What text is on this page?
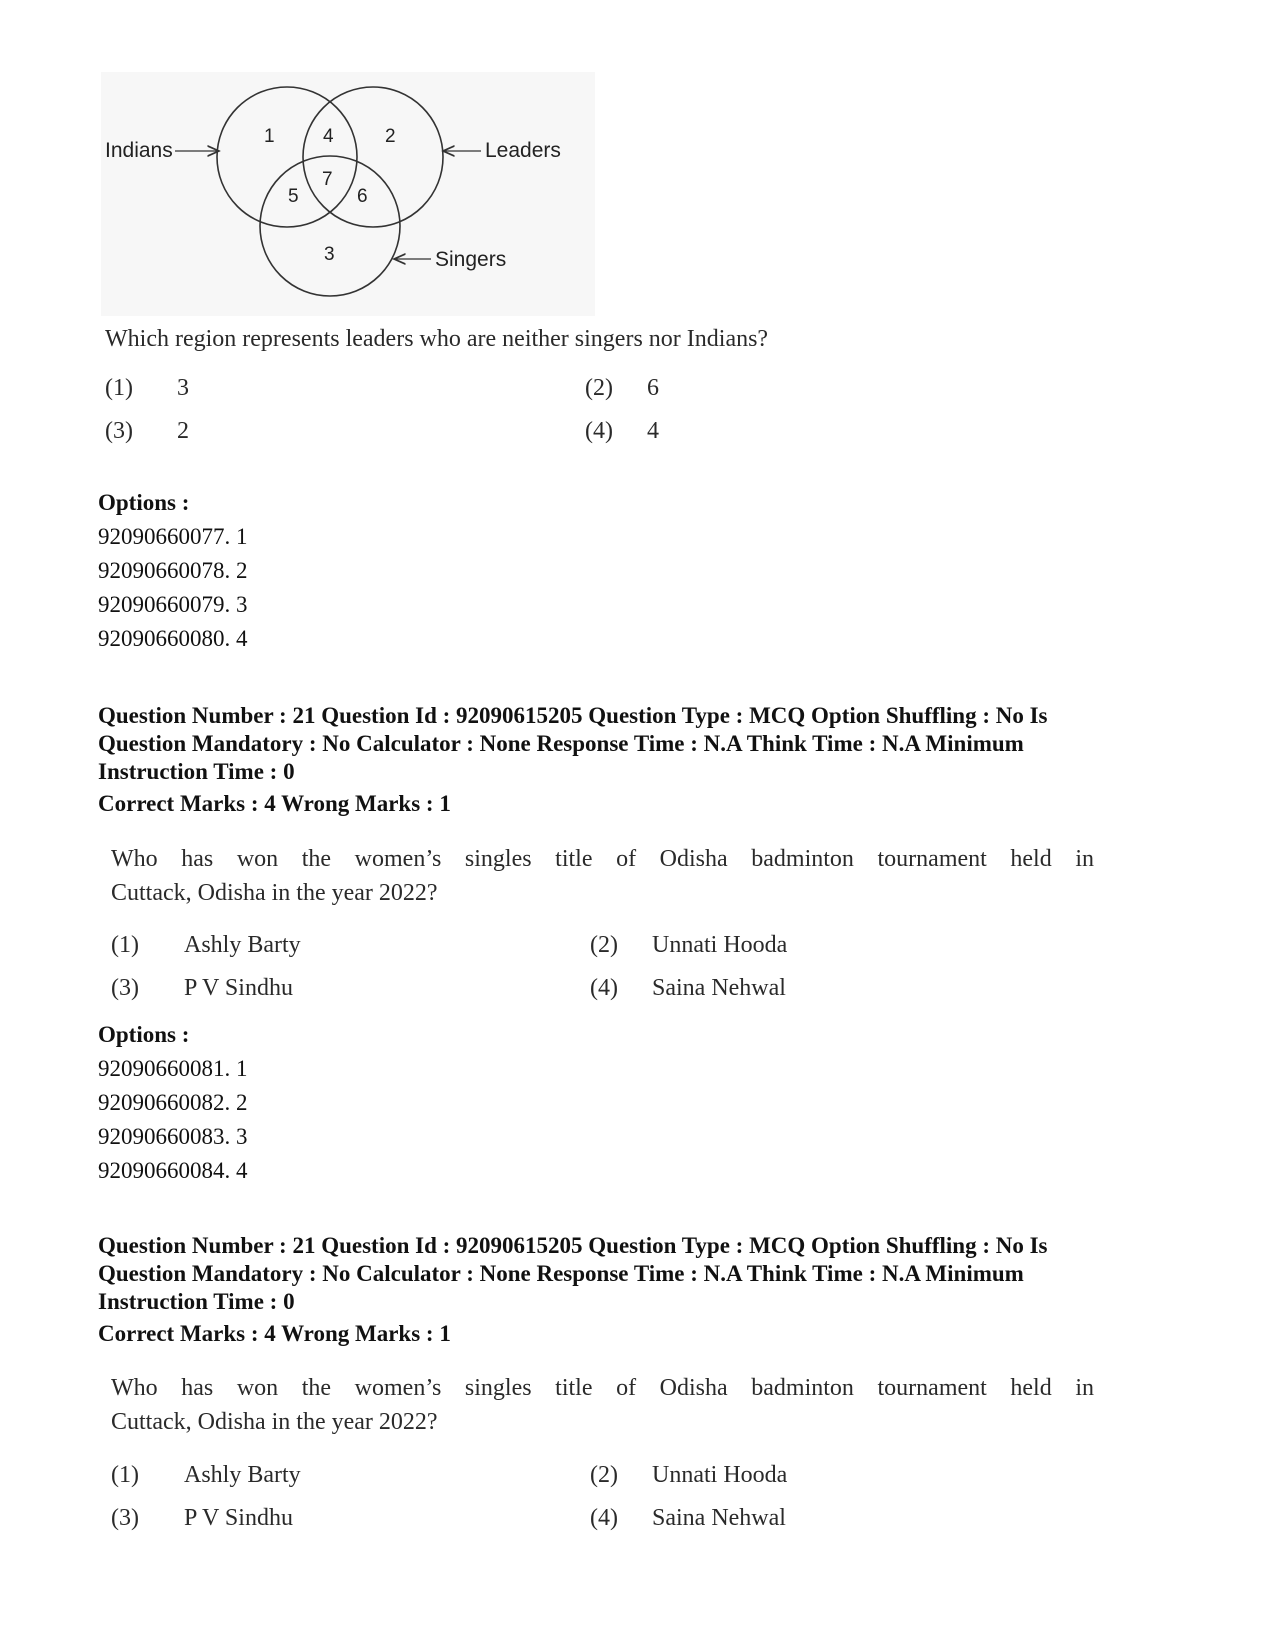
Indians	Leaders
Singers
1	2
3
4
5	6
7
Which region represents leaders who are neither singers nor Indians?
(1) 3	(2) 6
(3) 2	(4) 4
Options :
92090660077. 1
92090660078. 2
92090660079. 3
92090660080. 4
Question Number : 21 Question Id : 92090615205 Question Type : MCQ Option Shuffling : No Is
Question Mandatory : No Calculator : None Response Time : N.A Think Time : N.A Minimum
Instruction Time : 0
Correct Marks : 4 Wrong Marks : 1
Who has won the women’s singles title of Odisha badminton tournament held in
Cuttack, Odisha in the year 2022?
(1) Ashly Barty	(2) Unnati Hooda
(3) P V Sindhu	(4) Saina Nehwal
Options :
92090660081. 1
92090660082. 2
92090660083. 3
92090660084. 4
Question Number : 21 Question Id : 92090615205 Question Type : MCQ Option Shuffling : No Is
Question Mandatory : No Calculator : None Response Time : N.A Think Time : N.A Minimum
Instruction Time : 0
Correct Marks : 4 Wrong Marks : 1
Who has won the women’s singles title of Odisha badminton tournament held in
Cuttack, Odisha in the year 2022?
(1) Ashly Barty	(2) Unnati Hooda
(3) P V Sindhu	(4) Saina Nehwal
